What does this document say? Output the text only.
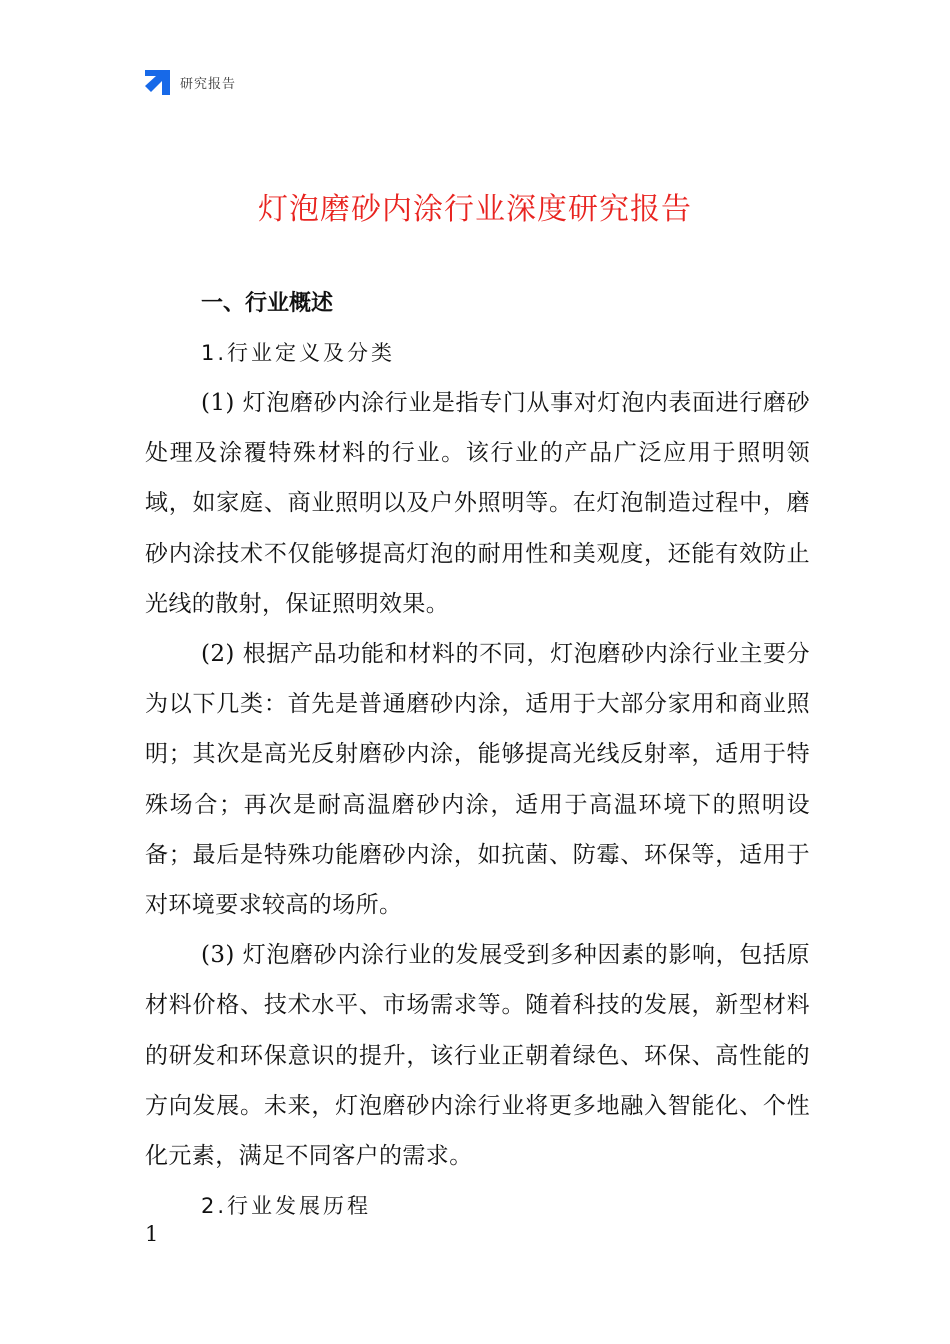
研究报告
灯泡磨砂内涂行业深度研究报告
一、行业概述
1.行业定义及分类

(1) 灯泡磨砂内涂行业是指专门从事对灯泡内表面进行磨砂处理及涂覆特殊材料的行业。该行业的产品广泛应用于照明领域，如家庭、商业照明以及户外照明等。在灯泡制造过程中，磨砂内涂技术不仅能够提高灯泡的耐用性和美观度，还能有效防止光线的散射，保证照明效果。

(2) 根据产品功能和材料的不同，灯泡磨砂内涂行业主要分为以下几类：首先是普通磨砂内涂，适用于大部分家用和商业照明；其次是高光反射磨砂内涂，能够提高光线反射率，适用于特殊场合；再次是耐高温磨砂内涂，适用于高温环境下的照明设备；最后是特殊功能磨砂内涂，如抗菌、防霉、环保等，适用于对环境要求较高的场所。

(3) 灯泡磨砂内涂行业的发展受到多种因素的影响，包括原材料价格、技术水平、市场需求等。随着科技的发展，新型材料的研发和环保意识的提升，该行业正朝着绿色、环保、高性能的方向发展。未来，灯泡磨砂内涂行业将更多地融入智能化、个性化元素，满足不同客户的需求。

2.行业发展历程
1
